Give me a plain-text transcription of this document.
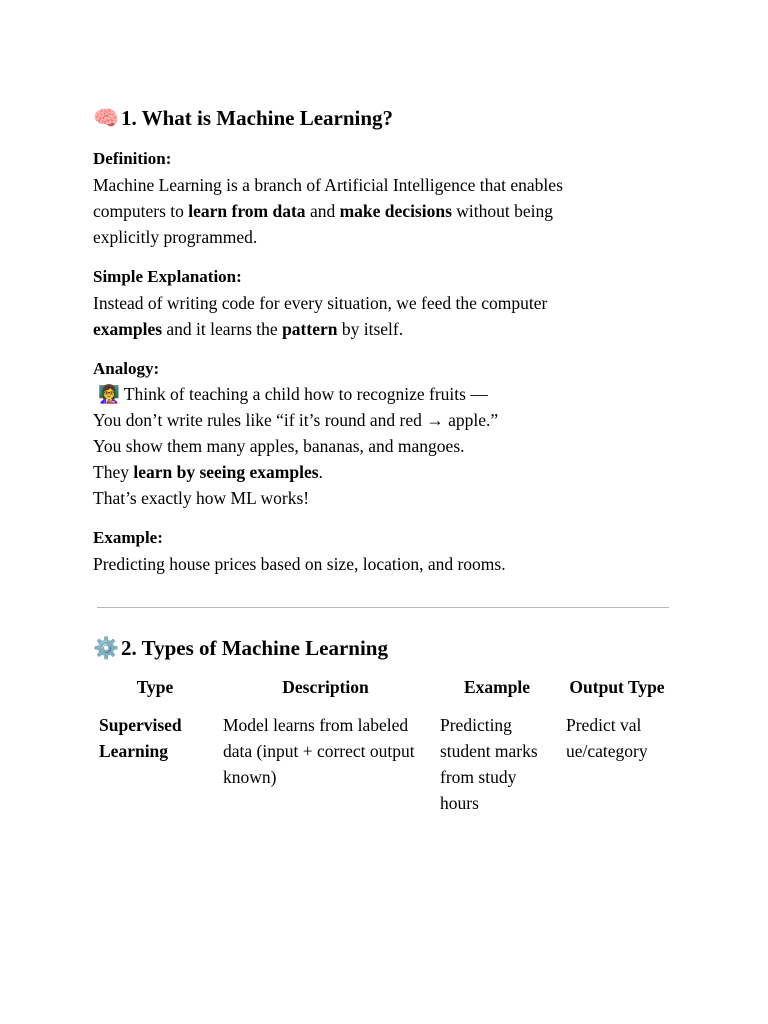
🧠1. What is Machine Learning?
Definition:

Machine Learning is a branch of Artificial Intelligence that enables
computers to learn from data and make decisions without being
explicitly programmed.

Simple Explanation:

Instead of writing code for every situation, we feed the computer
examples and it learns the pattern by itself.

Analogy:

👩‍🏫 Think of teaching a child how to recognize fruits —
You don’t write rules like “if it’s round and red → apple.”
You show them many apples, bananas, and mangoes.
They learn by seeing examples.
That’s exactly how ML works!

Example:

Predicting house prices based on size, location, and rooms.

⚙️2. Types of Machine Learning
Type	Description	Example	Output Type
Supervised Learning	Model learns from labeled data (input + correct output known)	Predicting student marks from study hours	Predict val ue/category
